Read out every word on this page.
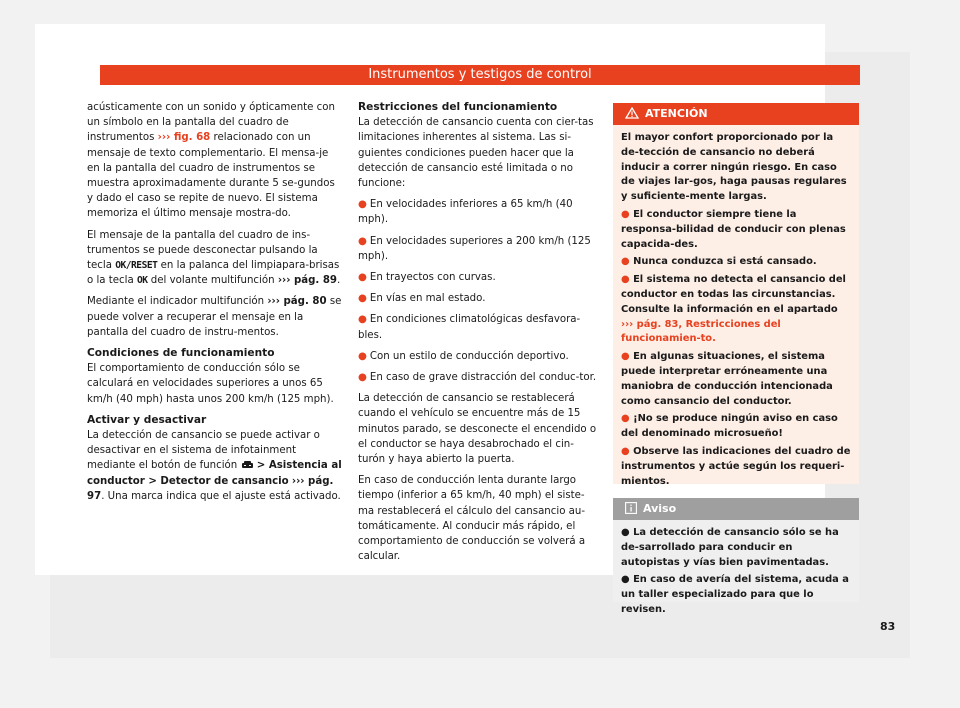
Instrumentos y testigos de control

acústicamente con un sonido y ópticamente con un símbolo en la pantalla del cuadro de instrumentos ››› fig. 68 relacionado con un mensaje de texto complementario. El mensa-je en la pantalla del cuadro de instrumentos se muestra aproximadamente durante 5 se-gundos y dado el caso se repite de nuevo. El sistema memoriza el último mensaje mostra-do.

El mensaje de la pantalla del cuadro de ins-trumentos se puede desconectar pulsando la tecla OK/RESET en la palanca del limpiapara-brisas o la tecla OK del volante multifunción ››› pág. 89.

Mediante el indicador multifunción ››› pág. 80 se puede volver a recuperar el mensaje en la pantalla del cuadro de instru-mentos.

Condiciones de funcionamiento

El comportamiento de conducción sólo se calculará en velocidades superiores a unos 65 km/h (40 mph) hasta unos 200 km/h (125 mph).

Activar y desactivar

La detección de cansancio se puede activar o desactivar en el sistema de infotainment mediante el botón de función > Asistencia al conductor > Detector de cansancio ››› pág. 97. Una marca indica que el ajuste está activado.

Restricciones del funcionamiento

La detección de cansancio cuenta con cier-tas limitaciones inherentes al sistema. Las si-guientes condiciones pueden hacer que la detección de cansancio esté limitada o no funcione:

● En velocidades inferiores a 65 km/h (40 mph).

● En velocidades superiores a 200 km/h (125 mph).

● En trayectos con curvas.

● En vías en mal estado.

● En condiciones climatológicas desfavora-bles.

● Con un estilo de conducción deportivo.

● En caso de grave distracción del conduc-tor.

La detección de cansancio se restablecerá cuando el vehículo se encuentre más de 15 minutos parado, se desconecte el encendido o el conductor se haya desabrochado el cin-turón y haya abierto la puerta.

En caso de conducción lenta durante largo tiempo (inferior a 65 km/h, 40 mph) el siste-ma restablecerá el cálculo del cansancio au-tomáticamente. Al conducir más rápido, el comportamiento de conducción se volverá a calcular.

ATENCIÓN

El mayor confort proporcionado por la de-tección de cansancio no deberá inducir a correr ningún riesgo. En caso de viajes lar-gos, haga pausas regulares y suficiente-mente largas.

● El conductor siempre tiene la responsa-bilidad de conducir con plenas capacida-des.

● Nunca conduzca si está cansado.

● El sistema no detecta el cansancio del conductor en todas las circunstancias. Consulte la información en el apartado ››› pág. 83, Restricciones del funcionamien-to.

● En algunas situaciones, el sistema puede interpretar erróneamente una maniobra de conducción intencionada como cansancio del conductor.

● ¡No se produce ningún aviso en caso del denominado microsueño!

● Observe las indicaciones del cuadro de instrumentos y actúe según los requeri-mientos.

Aviso

● La detección de cansancio sólo se ha de-sarrollado para conducir en autopistas y vías bien pavimentadas.

● En caso de avería del sistema, acuda a un taller especializado para que lo revisen.

83
